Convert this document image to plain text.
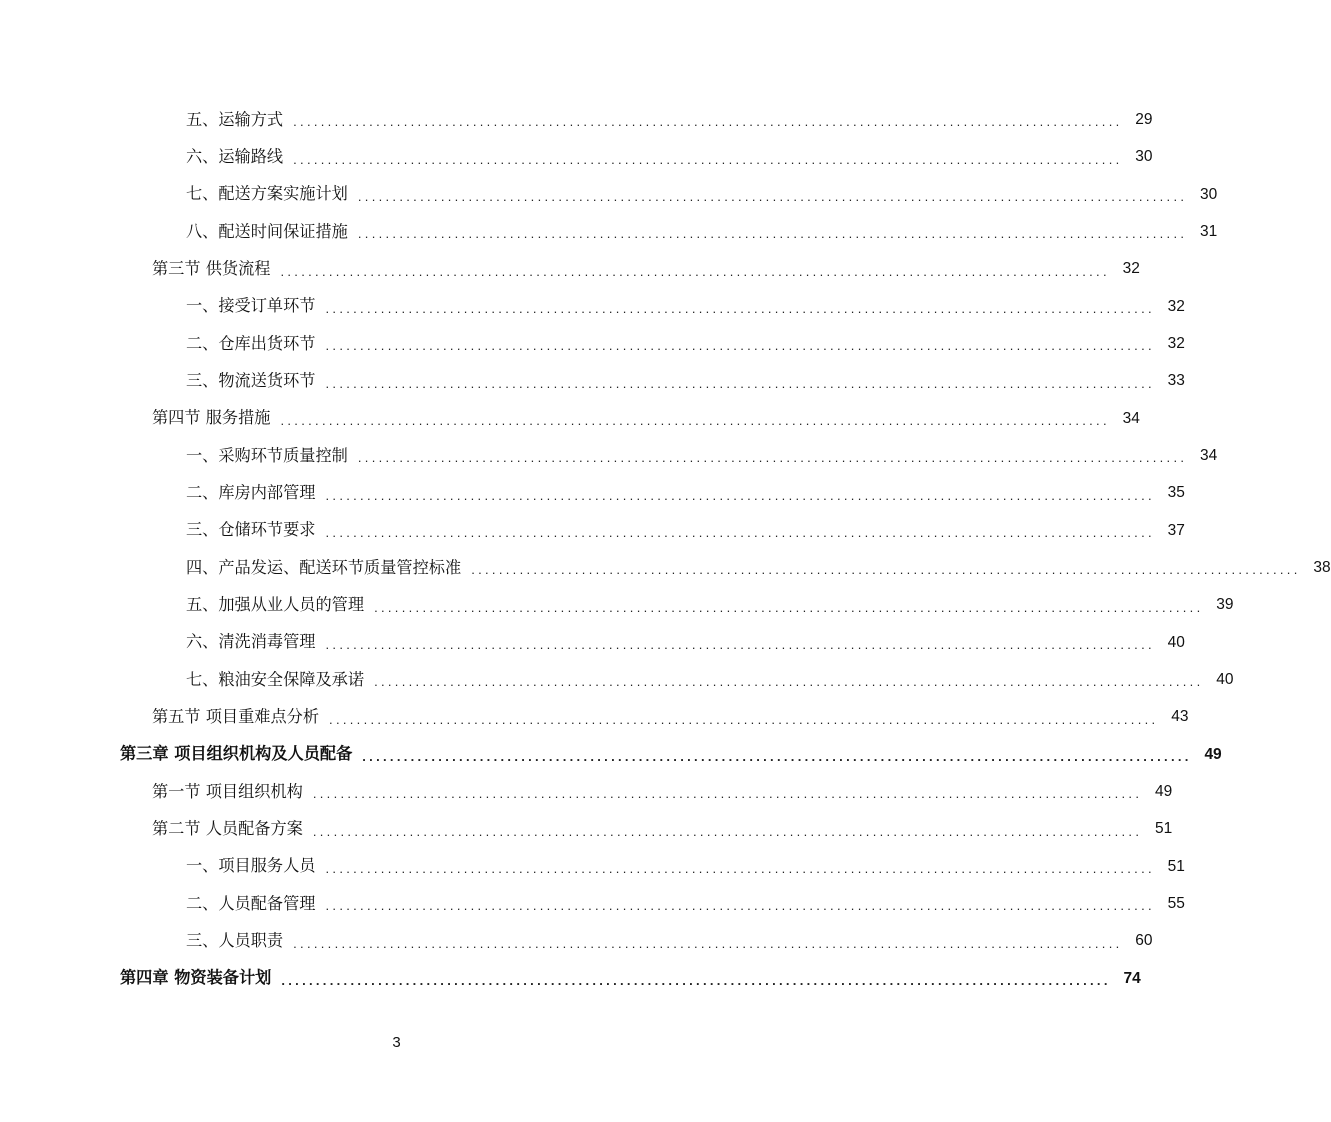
五、运输方式 ........................................................................................................................ 29
六、运输路线 ........................................................................................................................ 30
七、配送方案实施计划 ........................................................................................................................ 30
八、配送时间保证措施 ........................................................................................................................ 31
第三节 供货流程 ........................................................................................................................ 32
一、接受订单环节 ........................................................................................................................ 32
二、仓库出货环节 ........................................................................................................................ 32
三、物流送货环节 ........................................................................................................................ 33
第四节 服务措施 ........................................................................................................................ 34
一、采购环节质量控制 ........................................................................................................................ 34
二、库房内部管理 ........................................................................................................................ 35
三、仓储环节要求 ........................................................................................................................ 37
四、产品发运、配送环节质量管控标准 ........................................................................................................................ 38
五、加强从业人员的管理 ........................................................................................................................ 39
六、清洗消毒管理 ........................................................................................................................ 40
七、粮油安全保障及承诺 ........................................................................................................................ 40
第五节 项目重难点分析 ........................................................................................................................ 43
第三章 项目组织机构及人员配备 ........................................................................................................................ 49
第一节 项目组织机构 ........................................................................................................................ 49
第二节 人员配备方案 ........................................................................................................................ 51
一、项目服务人员 ........................................................................................................................ 51
二、人员配备管理 ........................................................................................................................ 55
三、人员职责 ........................................................................................................................ 60
第四章 物资装备计划 ........................................................................................................................ 74
3
